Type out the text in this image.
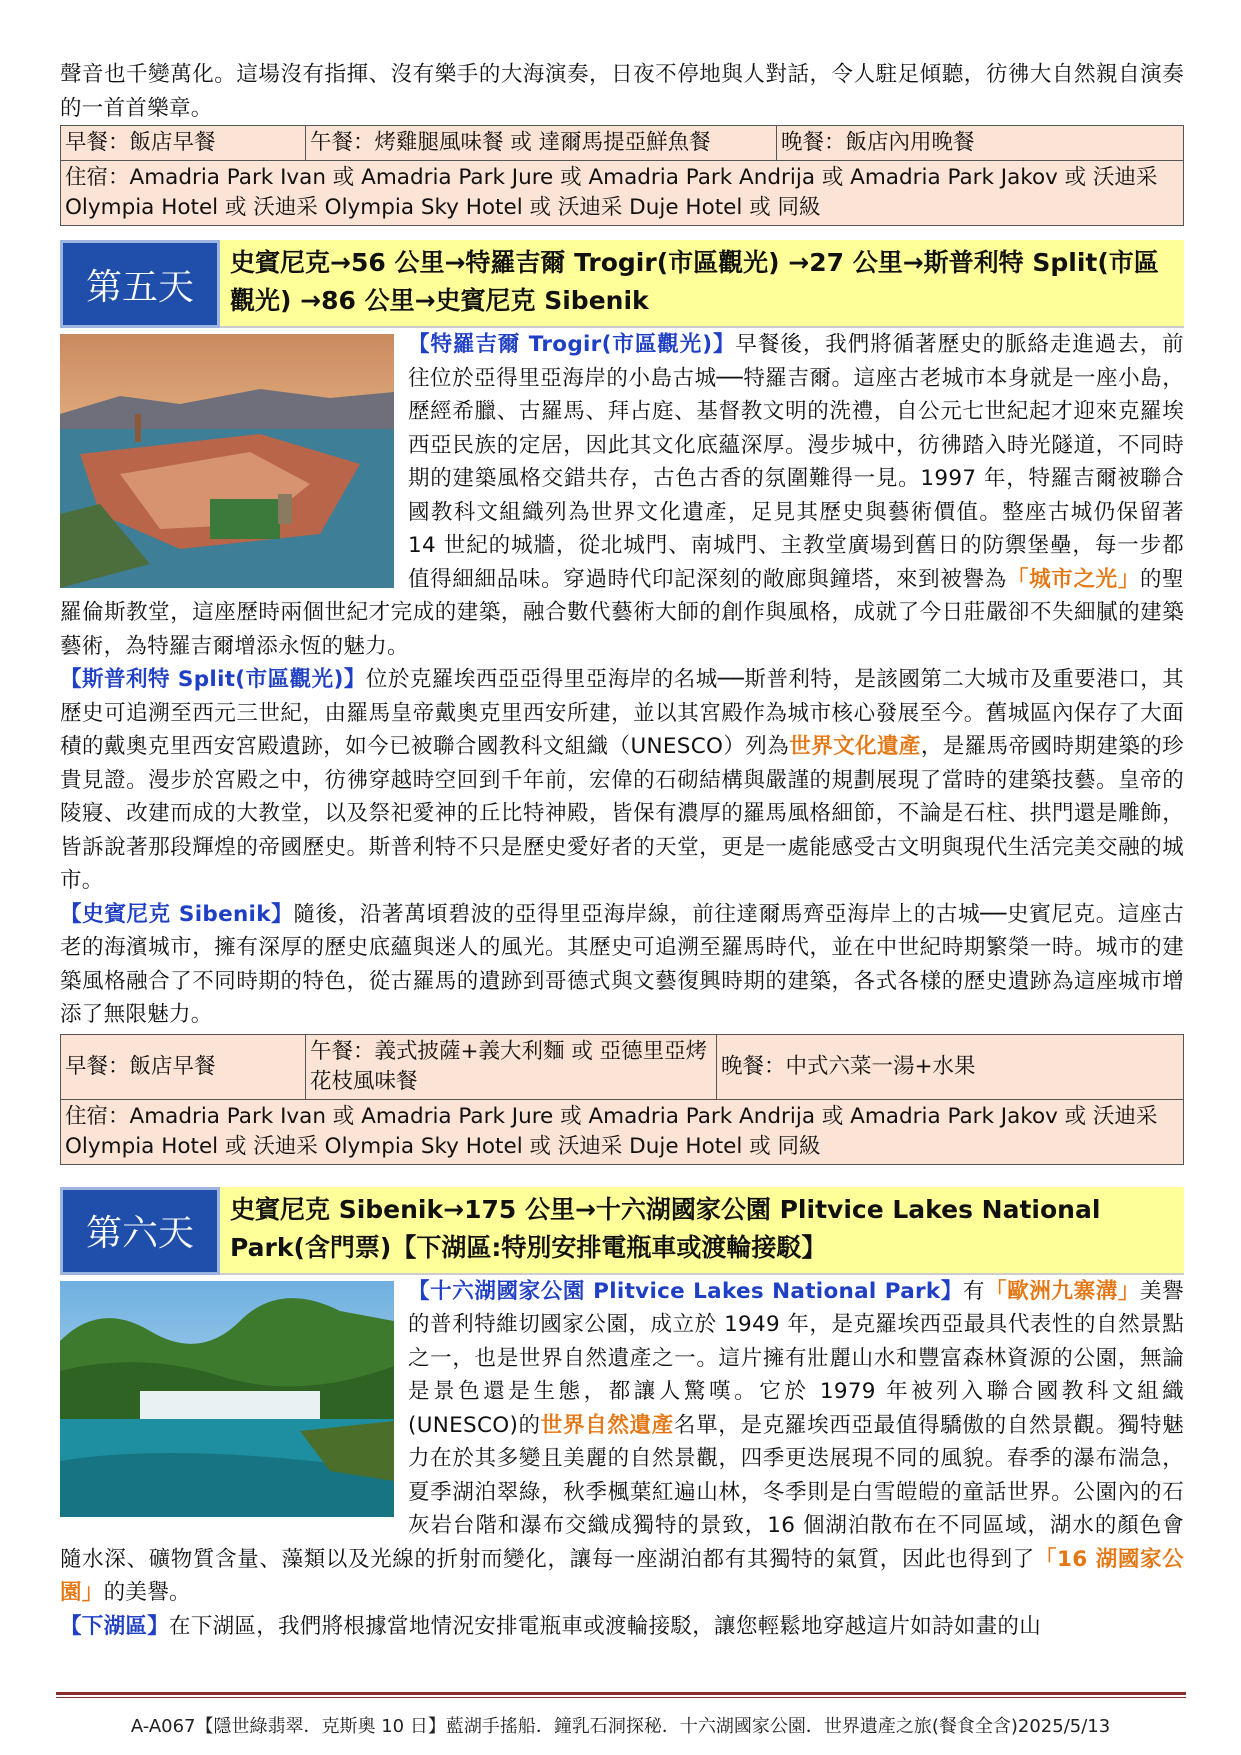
聲音也千變萬化。這場沒有指揮、沒有樂手的大海演奏，日夜不停地與人對話，令人駐足傾聽，彷彿大自然親自演奏的一首首樂章。

早餐：飯店早餐	午餐：烤雞腿風味餐 或 達爾馬提亞鮮魚餐	晚餐：飯店內用晚餐
住宿：Amadria Park Ivan 或 Amadria Park Jure 或 Amadria Park Andrija 或 Amadria Park Jakov 或 沃迪采 Olympia Hotel 或 沃迪采 Olympia Sky Hotel 或 沃迪采 Duje Hotel 或 同級
第五天
史賓尼克→56 公里→特羅吉爾 Trogir(市區觀光) →27 公里→斯普利特 Split(市區觀光) →86 公里→史賓尼克 Sibenik

【特羅吉爾 Trogir(市區觀光)】早餐後，我們將循著歷史的脈絡走進過去，前往位於亞得里亞海岸的小島古城──特羅吉爾。這座古老城市本身就是一座小島，歷經希臘、古羅馬、拜占庭、基督教文明的洗禮，自公元七世紀起才迎來克羅埃西亞民族的定居，因此其文化底蘊深厚。漫步城中，彷彿踏入時光隧道，不同時期的建築風格交錯共存，古色古香的氛圍難得一見。1997 年，特羅吉爾被聯合國教科文組織列為世界文化遺產，足見其歷史與藝術價值。整座古城仍保留著 14 世紀的城牆，從北城門、南城門、主教堂廣場到舊日的防禦堡壘，每一步都值得細細品味。穿過時代印記深刻的敞廊與鐘塔，來到被譽為「城市之光」的聖羅倫斯教堂，這座歷時兩個世紀才完成的建築，融合數代藝術大師的創作與風格，成就了今日莊嚴卻不失細膩的建築藝術，為特羅吉爾增添永恆的魅力。

【斯普利特 Split(市區觀光)】位於克羅埃西亞亞得里亞海岸的名城──斯普利特，是該國第二大城市及重要港口，其歷史可追溯至西元三世紀，由羅馬皇帝戴奧克里西安所建，並以其宮殿作為城市核心發展至今。舊城區內保存了大面積的戴奧克里西安宮殿遺跡，如今已被聯合國教科文組織（UNESCO）列為世界文化遺產，是羅馬帝國時期建築的珍貴見證。漫步於宮殿之中，彷彿穿越時空回到千年前，宏偉的石砌結構與嚴謹的規劃展現了當時的建築技藝。皇帝的陵寢、改建而成的大教堂，以及祭祀愛神的丘比特神殿，皆保有濃厚的羅馬風格細節，不論是石柱、拱門還是雕飾，皆訴說著那段輝煌的帝國歷史。斯普利特不只是歷史愛好者的天堂，更是一處能感受古文明與現代生活完美交融的城市。

【史賓尼克 Sibenik】隨後，沿著萬頃碧波的亞得里亞海岸線，前往達爾馬齊亞海岸上的古城──史賓尼克。這座古老的海濱城市，擁有深厚的歷史底蘊與迷人的風光。其歷史可追溯至羅馬時代，並在中世紀時期繁榮一時。城市的建築風格融合了不同時期的特色，從古羅馬的遺跡到哥德式與文藝復興時期的建築，各式各樣的歷史遺跡為這座城市增添了無限魅力。

早餐：飯店早餐	午餐：義式披薩+義大利麵 或 亞德里亞烤花枝風味餐	晚餐：中式六菜一湯+水果
住宿：Amadria Park Ivan 或 Amadria Park Jure 或 Amadria Park Andrija 或 Amadria Park Jakov 或 沃迪采 Olympia Hotel 或 沃迪采 Olympia Sky Hotel 或 沃迪采 Duje Hotel 或 同級
第六天
史賓尼克 Sibenik→175 公里→十六湖國家公園 Plitvice Lakes National Park(含門票)【下湖區:特別安排電瓶車或渡輪接駁】

【十六湖國家公園 Plitvice Lakes National Park】有「歐洲九寨溝」美譽的普利特維切國家公園，成立於 1949 年，是克羅埃西亞最具代表性的自然景點之一，也是世界自然遺產之一。這片擁有壯麗山水和豐富森林資源的公園，無論是景色還是生態，都讓人驚嘆。它於 1979 年被列入聯合國教科文組織(UNESCO)的世界自然遺產名單，是克羅埃西亞最值得驕傲的自然景觀。獨特魅力在於其多變且美麗的自然景觀，四季更迭展現不同的風貌。春季的瀑布湍急，夏季湖泊翠綠，秋季楓葉紅遍山林，冬季則是白雪皚皚的童話世界。公園內的石灰岩台階和瀑布交織成獨特的景致，16 個湖泊散布在不同區域，湖水的顏色會隨水深、礦物質含量、藻類以及光線的折射而變化，讓每一座湖泊都有其獨特的氣質，因此也得到了「16 湖國家公園」的美譽。

【下湖區】在下湖區，我們將根據當地情況安排電瓶車或渡輪接駁，讓您輕鬆地穿越這片如詩如畫的山

A-A067【隱世綠翡翠．克斯奧 10 日】藍湖手搖船．鐘乳石洞探秘．十六湖國家公園．世界遺產之旅(餐食全含)2025/5/13
